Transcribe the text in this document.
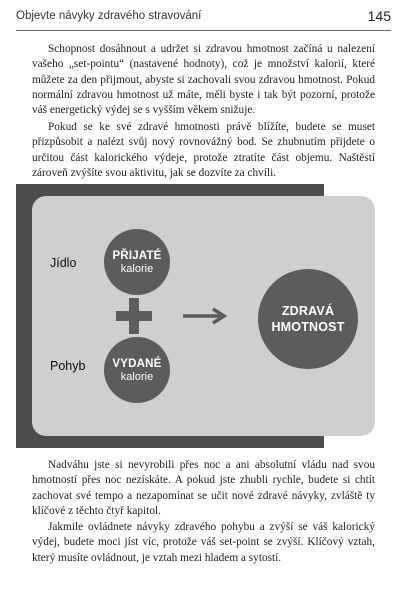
Objevte návyky zdravého stravování	145

Schopnost dosáhnout a udržet si zdravou hmotnost začíná u nalezení vašeho „set-pointu“ (nastavené hodnoty), což je množství kalorií, které můžete za den přijmout, abyste si zachovali svou zdravou hmotnost. Pokud normální zdravou hmotnost už máte, měli byste i tak být pozorní, protože váš energetický výdej se s vyšším věkem snižuje.

Pokud se ke své zdravé hmotnosti právě blížíte, budete se muset přizpůsobit a nalézt svůj nový rovnovážný bod. Se zhubnutím přijdete o určitou část kalorického výdeje, protože ztratíte část objemu. Naštěstí zároveň zvýšíte svou aktivitu, jak se dozvíte za chvíli.

Jídlo
Pohyb
PŘIJATÉ
kalorie
VYDANÉ
kalorie
ZDRAVÁ
HMOTNOST

Nadváhu jste si nevyrobili přes noc a ani absolutní vládu nad svou hmotností přes noc nezískáte. A pokud jste zhubli rychle, budete si chtít zachovat své tempo a nezapomínat se učit nové zdravé návyky, zvláště ty klíčové z těchto čtyř kapitol.

Jakmile ovládnete návyky zdravého pohybu a zvýší se váš kalorický výdej, budete moci jíst víc, protože váš set-point se zvýší. Klíčový vztah, který musíte ovládnout, je vztah mezi hladem a sytostí.
